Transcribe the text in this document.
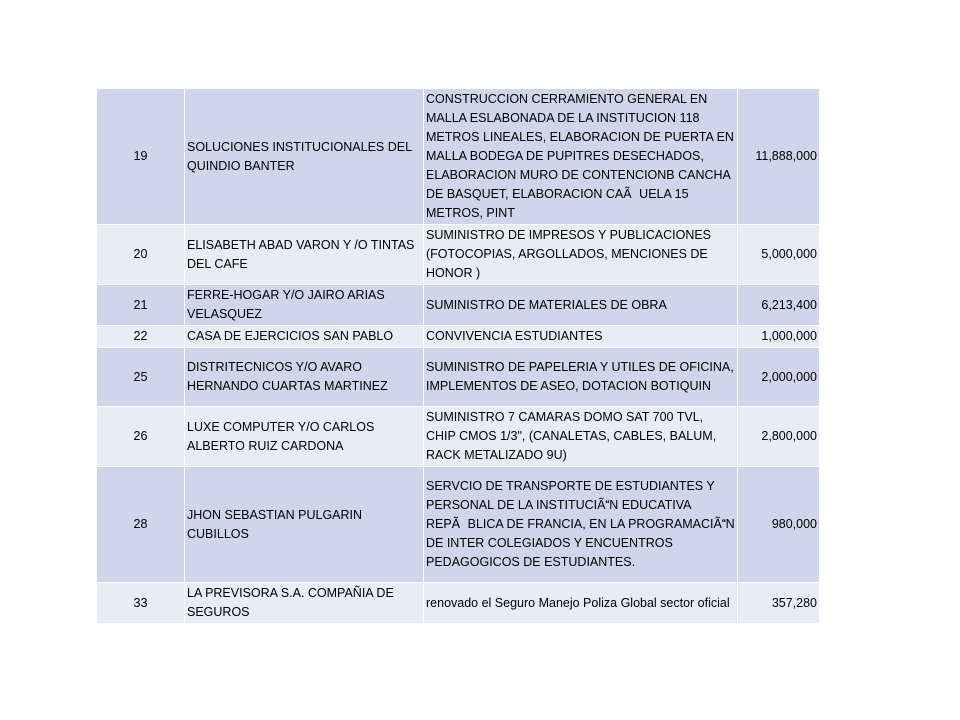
19	SOLUCIONES INSTITUCIONALES DEL QUINDIO BANTER	CONSTRUCCION CERRAMIENTO GENERAL EN MALLA ESLABONADA DE LA INSTITUCION 118 METROS LINEALES, ELABORACION DE PUERTA EN MALLA BODEGA DE PUPITRES DESECHADOS, ELABORACION MURO DE CONTENCIONB CANCHA DE BASQUET, ELABORACION CAÃUELA 15 METROS, PINT	11,888,000
20	ELISABETH ABAD VARON Y /O TINTAS DEL CAFE	SUMINISTRO DE IMPRESOS Y PUBLICACIONES (FOTOCOPIAS, ARGOLLADOS, MENCIONES DE HONOR )	5,000,000
21	FERRE-HOGAR Y/O JAIRO ARIAS VELASQUEZ	SUMINISTRO DE MATERIALES DE OBRA	6,213,400
22	CASA DE EJERCICIOS SAN PABLO	CONVIVENCIA ESTUDIANTES	1,000,000
25	DISTRITECNICOS Y/O AVARO HERNANDO CUARTAS MARTINEZ	SUMINISTRO DE PAPELERIA Y UTILES DE OFICINA, IMPLEMENTOS DE ASEO, DOTACION BOTIQUIN	2,000,000
26	LUXE COMPUTER Y/O CARLOS ALBERTO RUIZ CARDONA	SUMINISTRO 7 CAMARAS DOMO SAT 700 TVL, CHIP CMOS 1/3", (CANALETAS, CABLES, BALUM, RACK METALIZADO 9U)	2,800,000
28	JHON SEBASTIAN PULGARIN CUBILLOS	SERVCIO DE TRANSPORTE DE ESTUDIANTES Y PERSONAL DE LA INSTITUCIÃN EDUCATIVA REPÃBLICA DE FRANCIA, EN LA PROGRAMACIÃN DE INTER COLEGIADOS Y ENCUENTROS PEDAGOGICOS DE ESTUDIANTES.	980,000
33	LA PREVISORA S.A. COMPAÑIA DE SEGUROS	renovado el Seguro Manejo Poliza Global sector oficial	357,280
